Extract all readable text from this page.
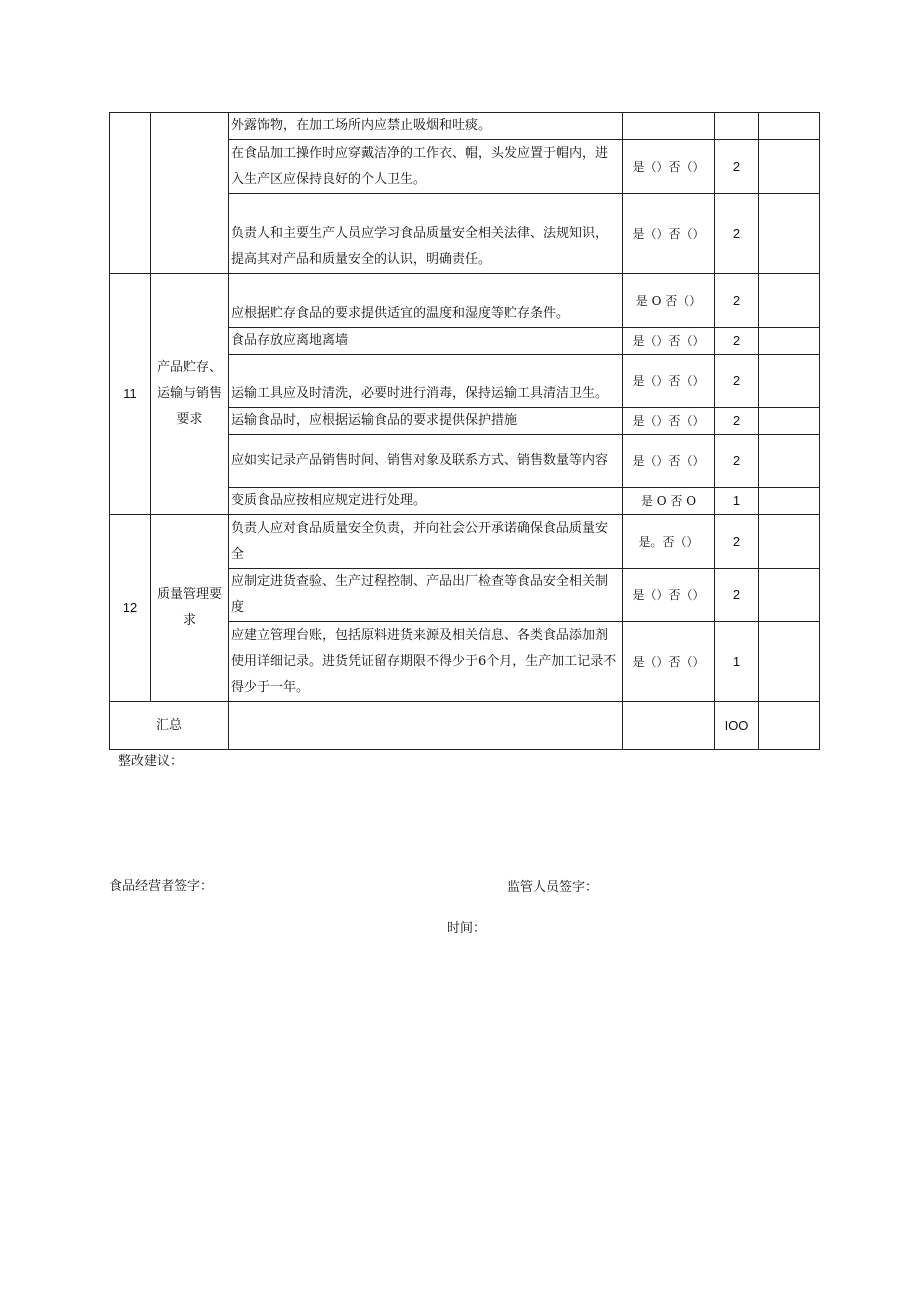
		外露饰物，在加工场所内应禁止吸烟和吐痰。			
		在食品加工操作时应穿戴洁净的工作衣、帽，头发应置于帽内，进入生产区应保持良好的个人卫生。	是（）否（）	2	
		负责人和主要生产人员应学习食品质量安全相关法律、法规知识，提高其对产品和质量安全的认识，明确责任。	是（）否（）	2	
11	产品贮存、运输与销售要求	应根据贮存食品的要求提供适宜的温度和湿度等贮存条件。	是 O 否（）	2	
		食品存放应离地离墙	是（）否（）	2	
		运输工具应及时清洗，必要时进行消毒，保持运输工具清洁卫生。	是（）否（）	2	
		运输食品时，应根据运输食品的要求提供保护措施	是（）否（）	2	
		应如实记录产品销售时间、销售对象及联系方式、销售数量等内容	是（）否（）	2	
		变质食品应按相应规定进行处理。	是 O 否 O	1	
12	质量管理要求	负责人应对食品质量安全负责，并向社会公开承诺确保食品质量安全	是。否（）	2	
		应制定进货查验、生产过程控制、产品出厂检查等食品安全相关制度	是（）否（）	2	
		应建立管理台账，包括原料进货来源及相关信息、各类食品添加剂使用详细记录。进货凭证留存期限不得少于6个月，生产加工记录不得少于一年。	是（）否（）	1	
汇总				IOO	
整改建议：
食品经营者签字：	监管人员签字：
时间：
